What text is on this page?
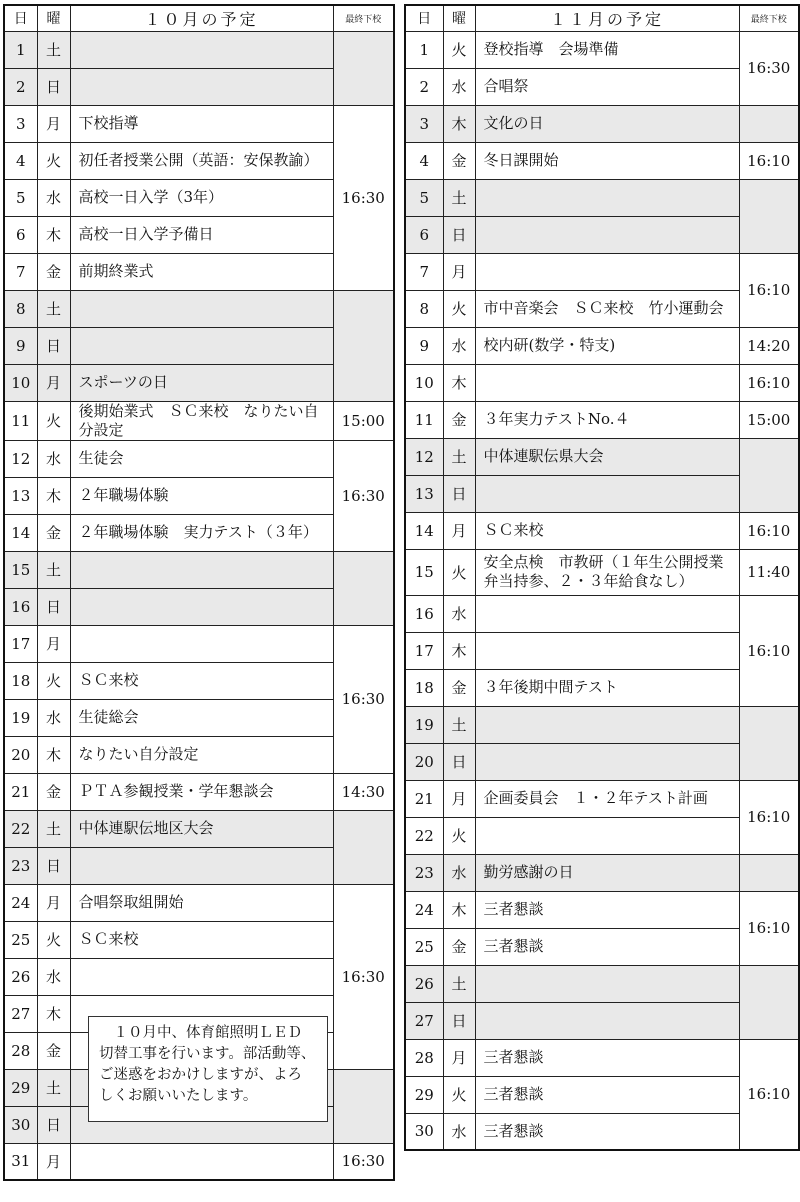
日	曜	１０月の予定	最終下校
1	土		
2	日		
3	月	下校指導	16:30
4	火	初任者授業公開（英語：安保教諭）	
5	水	高校一日入学（3年）	
6	木	高校一日入学予備日	
7	金	前期終業式	
8	土		
9	日		
10	月	スポーツの日	
11	火	後期始業式　ＳＣ来校　なりたい自分設定	15:00
12	水	生徒会	16:30
13	木	２年職場体験	
14	金	２年職場体験　実力テスト（３年）	
15	土		
16	日		
17	月		16:30
18	火	ＳＣ来校	
19	水	生徒総会	
20	木	なりたい自分設定	
21	金	ＰＴＡ参観授業・学年懇談会	14:30
22	土	中体連駅伝地区大会	
23	日		
24	月	合唱祭取組開始	16:30
25	火	ＳＣ来校	
26	水		
27	木		
28	金		
29	土		
30	日		
31	月		16:30
日	曜	１１月の予定	最終下校
1	火	登校指導　会場準備	16:30
2	水	合唱祭	
3	木	文化の日	
4	金	冬日課開始	16:10
5	土		
6	日		
7	月		16:10
8	火	市中音楽会　ＳＣ来校　竹小運動会	
9	水	校内研(数学・特支)	14:20
10	木		16:10
11	金	３年実力テストNo.４	15:00
12	土	中体連駅伝県大会	
13	日		
14	月	ＳＣ来校	16:10
15	火	安全点検　市教研（１年生公開授業弁当持参、２・３年給食なし）	11:40
16	水		16:10
17	木		
18	金	３年後期中間テスト	
19	土		
20	日		
21	月	企画委員会　１・２年テスト計画	16:10
22	火		
23	水	勤労感謝の日	
24	木	三者懇談	16:10
25	金	三者懇談	
26	土		
27	日		
28	月	三者懇談	16:10
29	火	三者懇談	
30	水	三者懇談	
　１０月中、体育館照明ＬＥＤ
切替工事を行います。部活動等、
ご迷惑をおかけしますが、よろ
しくお願いいたします。
